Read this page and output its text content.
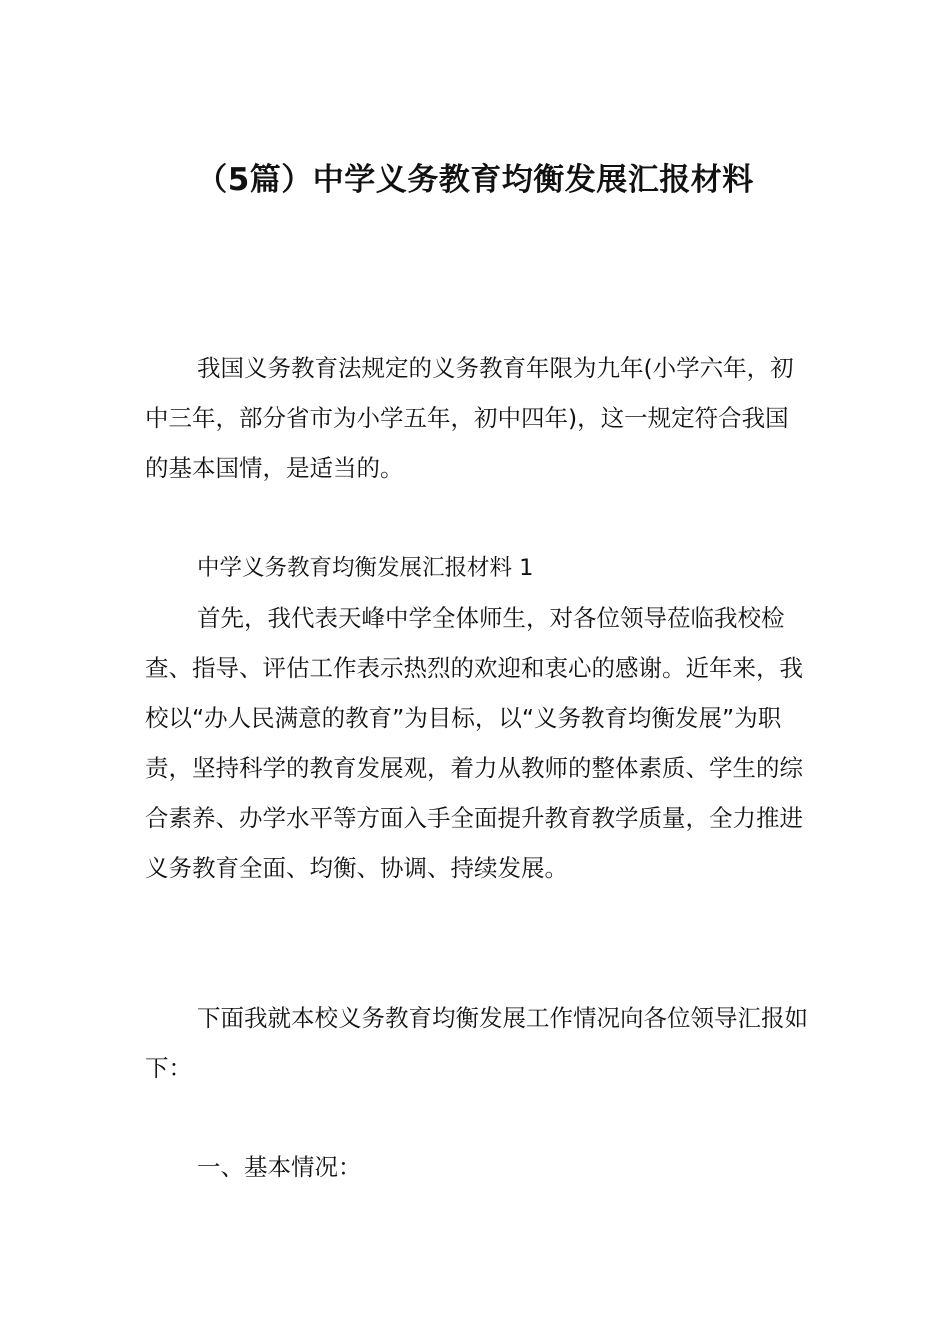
（5篇）中学义务教育均衡发展汇报材料

我国义务教育法规定的义务教育年限为九年(小学六年，初中三年，部分省市为小学五年，初中四年)，这一规定符合我国的基本国情，是适当的。

中学义务教育均衡发展汇报材料 1

首先，我代表天峰中学全体师生，对各位领导莅临我校检查、指导、评估工作表示热烈的欢迎和衷心的感谢。近年来，我校以“办人民满意的教育”为目标，以“义务教育均衡发展”为职责，坚持科学的教育发展观，着力从教师的整体素质、学生的综合素养、办学水平等方面入手全面提升教育教学质量，全力推进义务教育全面、均衡、协调、持续发展。

下面我就本校义务教育均衡发展工作情况向各位领导汇报如下：

一、基本情况：
